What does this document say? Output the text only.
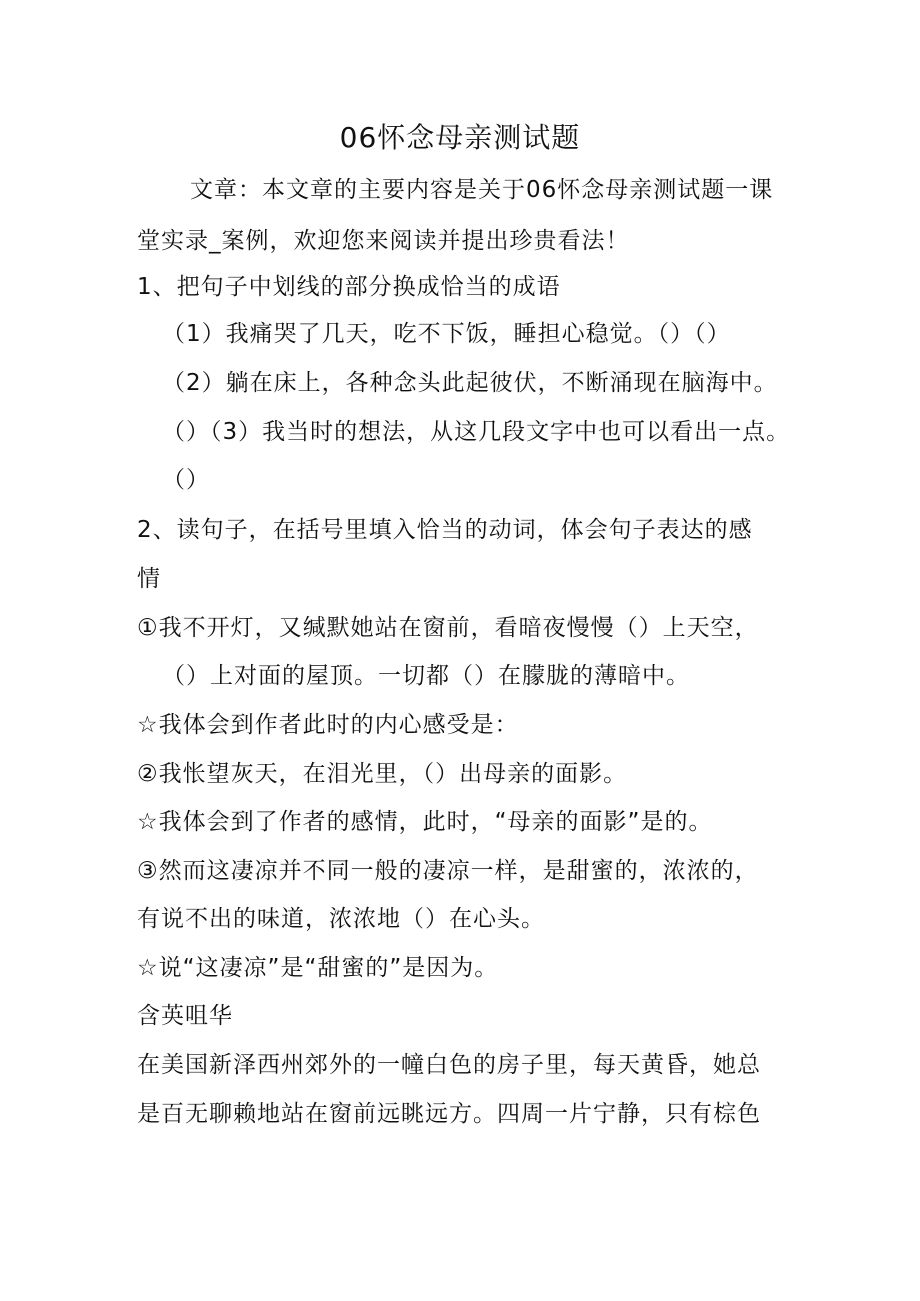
06怀念母亲测试题
文章：本文章的主要内容是关于06怀念母亲测试题一课
堂实录_案例，欢迎您来阅读并提出珍贵看法！
1、把句子中划线的部分换成恰当的成语
（1）我痛哭了几天，吃不下饭，睡担心稳觉。（）（）
（2）躺在床上，各种念头此起彼伏，不断涌现在脑海中。
（）（3）我当时的想法，从这几段文字中也可以看出一点。
（）
2、读句子，在括号里填入恰当的动词，体会句子表达的感
情
①我不开灯，又缄默她站在窗前，看暗夜慢慢（）上天空，
（）上对面的屋顶。一切都（）在朦胧的薄暗中。
☆我体会到作者此时的内心感受是：
②我怅望灰天，在泪光里，（）出母亲的面影。
☆我体会到了作者的感情，此时，“母亲的面影”是的。
③然而这凄凉并不同一般的凄凉一样，是甜蜜的，浓浓的，
有说不出的味道，浓浓地（）在心头。
☆说“这凄凉”是“甜蜜的”是因为。
含英咀华
在美国新泽西州郊外的一幢白色的房子里，每天黄昏，她总
是百无聊赖地站在窗前远眺远方。四周一片宁静，只有棕色
